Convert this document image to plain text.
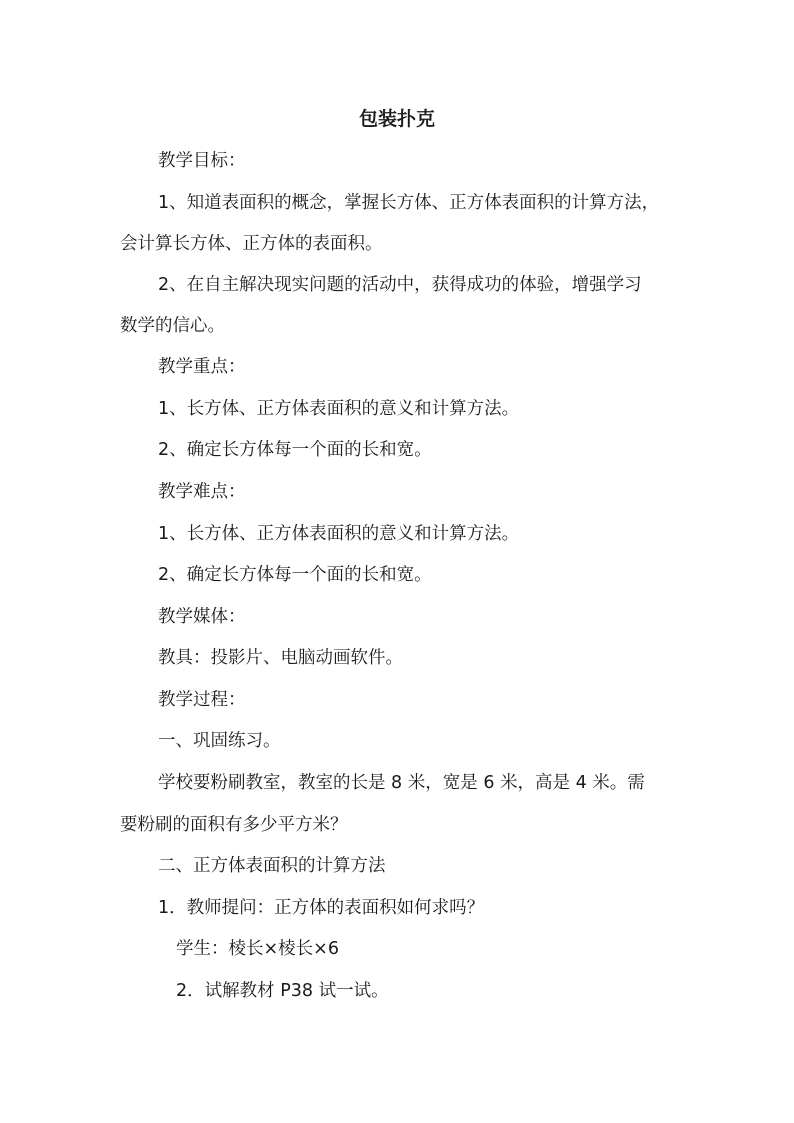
包装扑克
教学目标：
1、知道表面积的概念，掌握长方体、正方体表面积的计算方法，
会计算长方体、正方体的表面积。
2、在自主解决现实问题的活动中，获得成功的体验，增强学习
数学的信心。
教学重点：
1、长方体、正方体表面积的意义和计算方法。
2、确定长方体每一个面的长和宽。
教学难点：
1、长方体、正方体表面积的意义和计算方法。
2、确定长方体每一个面的长和宽。
教学媒体：
教具：投影片、电脑动画软件。
教学过程：
一、巩固练习。
学校要粉刷教室，教室的长是 8 米，宽是 6 米，高是 4 米。需
要粉刷的面积有多少平方米？
二、正方体表面积的计算方法
1．教师提问：正方体的表面积如何求吗？
学生：棱长×棱长×6
2．试解教材 P38 试一试。
